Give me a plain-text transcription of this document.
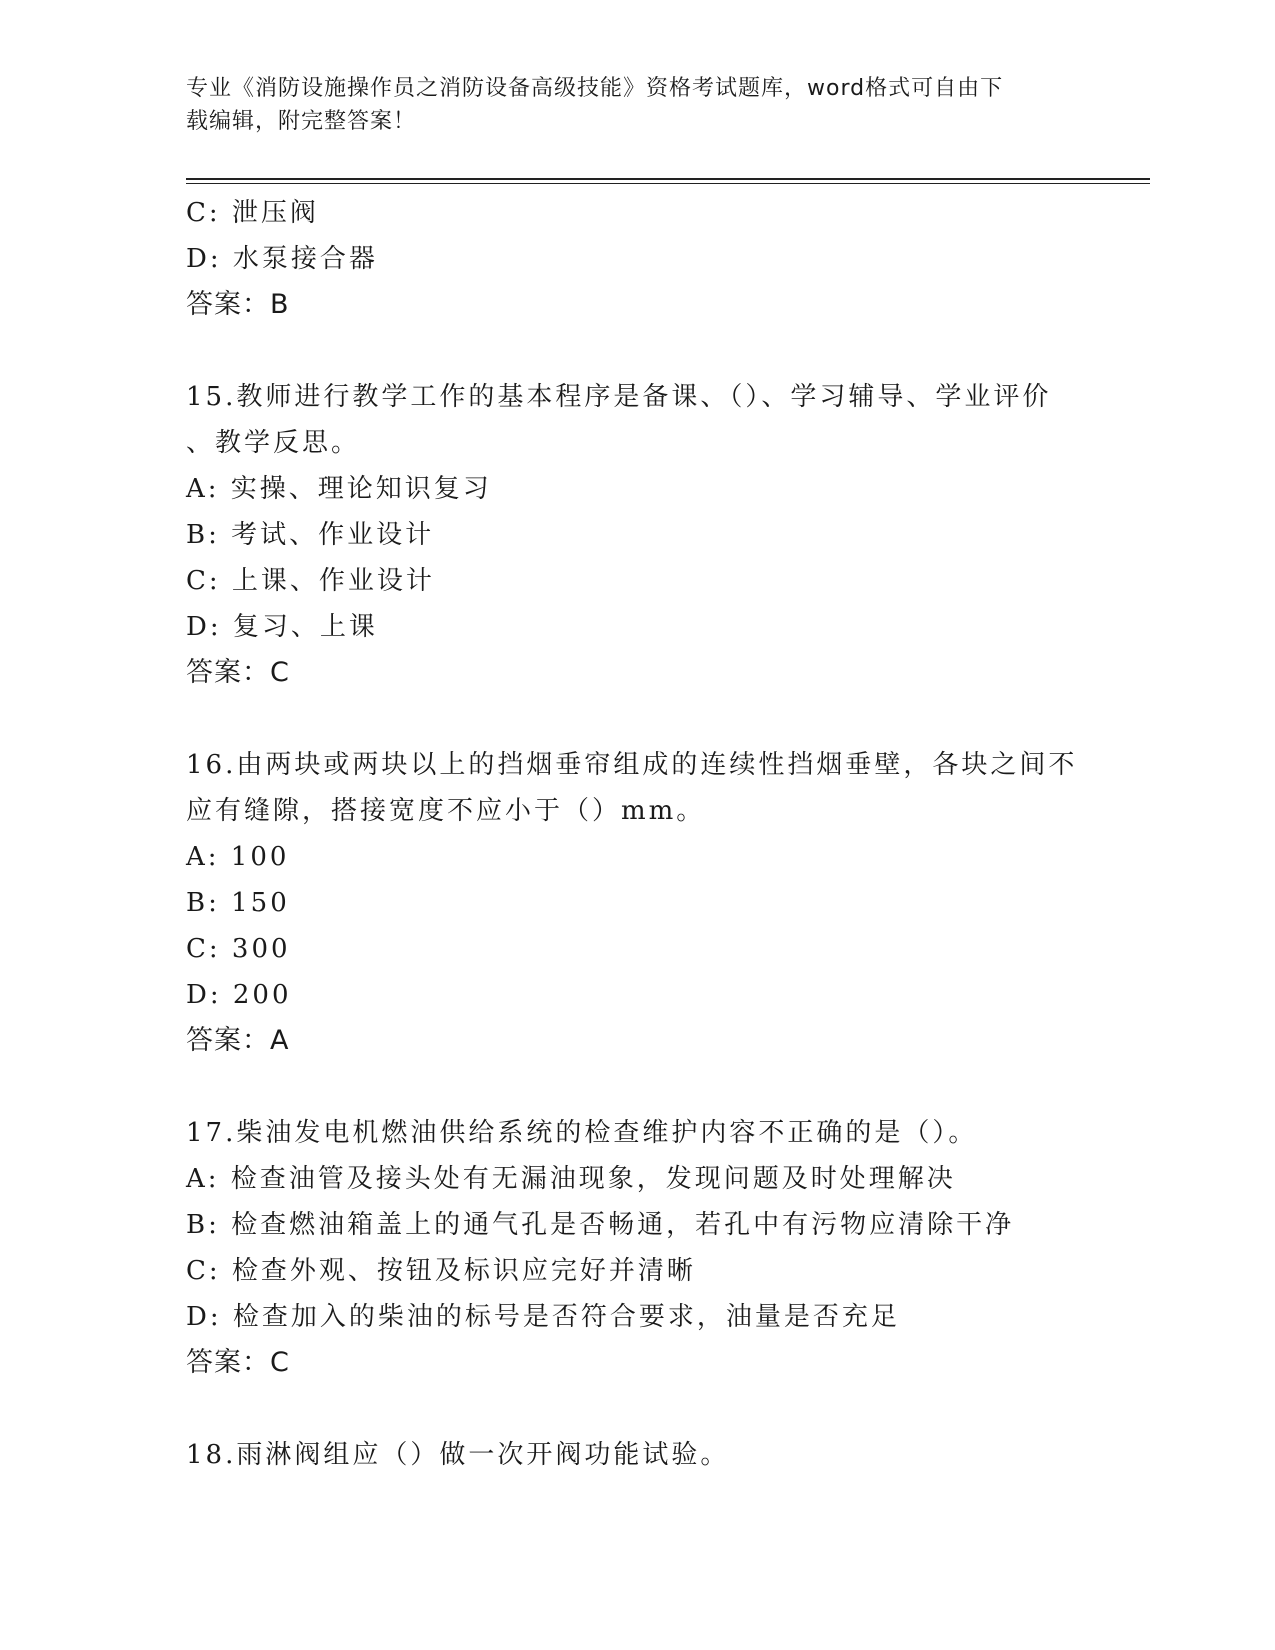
专业《消防设施操作员之消防设备高级技能》资格考试题库，word格式可自由下
载编辑，附完整答案！
C: 泄压阀
D: 水泵接合器
答案：B
15.教师进行教学工作的基本程序是备课、（）、学习辅导、学业评价
、教学反思。
A: 实操、理论知识复习
B: 考试、作业设计
C: 上课、作业设计
D: 复习、上课
答案：C
16.由两块或两块以上的挡烟垂帘组成的连续性挡烟垂壁，各块之间不
应有缝隙，搭接宽度不应小于（）mm。
A: 100
B: 150
C: 300
D: 200
答案：A
17.柴油发电机燃油供给系统的检查维护内容不正确的是（）。
A: 检查油管及接头处有无漏油现象，发现问题及时处理解决
B: 检查燃油箱盖上的通气孔是否畅通，若孔中有污物应清除干净
C: 检查外观、按钮及标识应完好并清晰
D: 检查加入的柴油的标号是否符合要求，油量是否充足
答案：C
18.雨淋阀组应（）做一次开阀功能试验。
